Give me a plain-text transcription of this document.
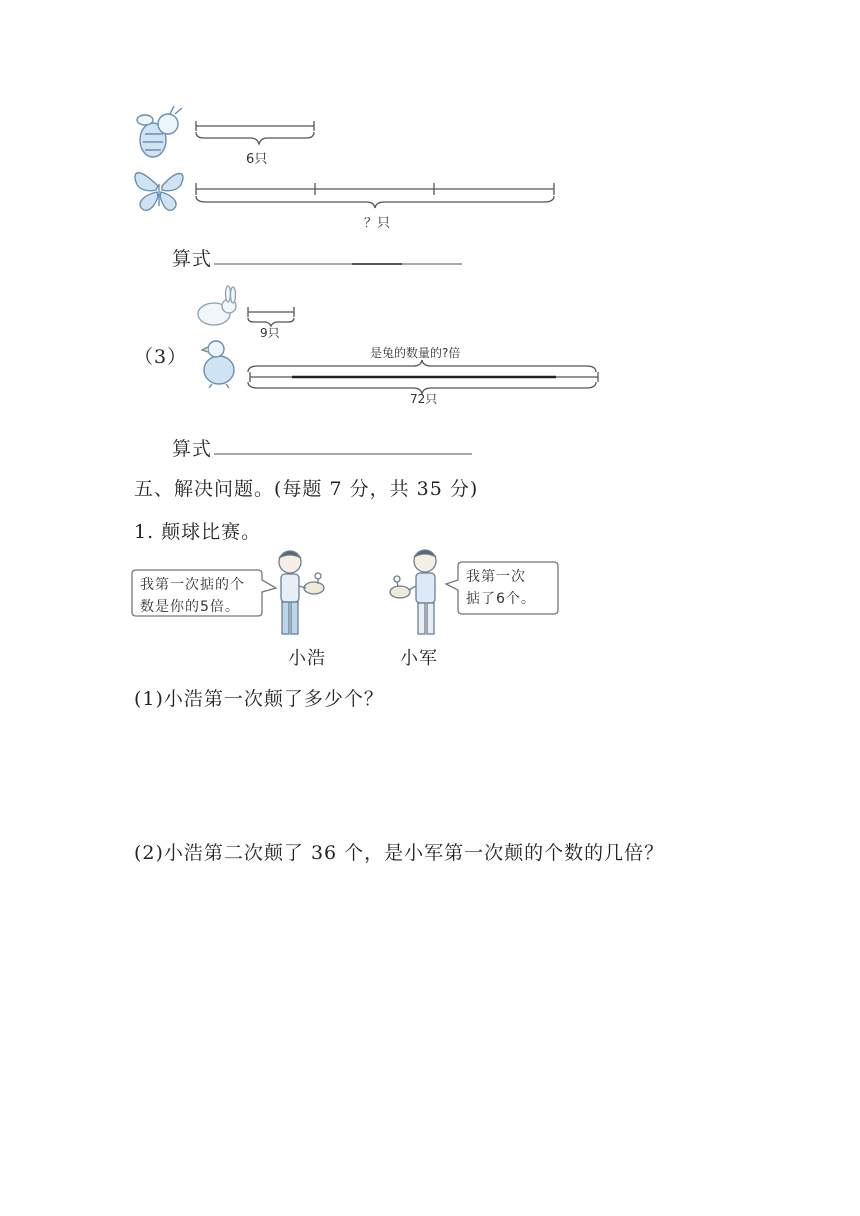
6只
？只
算式
（3）
9只
是兔的数量的?倍
72只
算式
五、解决问题。(每题 7 分，共 35 分)
1. 颠球比赛。
我第一次掂的个
数是你的5倍。
我第一次
掂了6个。
小浩	小军
(1)小浩第一次颠了多少个？
(2)小浩第二次颠了 36 个，是小军第一次颠的个数的几倍？
